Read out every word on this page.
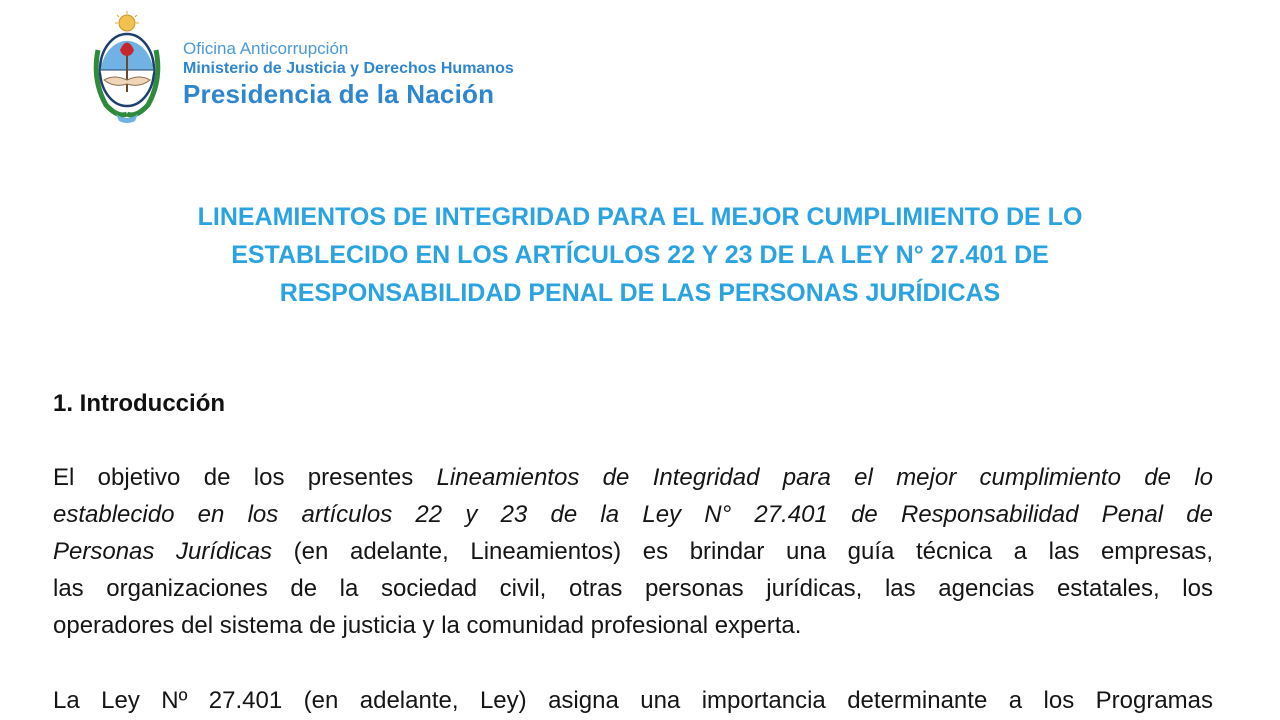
Oficina Anticorrupción
Ministerio de Justicia y Derechos Humanos
Presidencia de la Nación
LINEAMIENTOS DE INTEGRIDAD PARA EL MEJOR CUMPLIMIENTO DE LO
ESTABLECIDO EN LOS ARTÍCULOS 22 Y 23 DE LA LEY N° 27.401 DE
RESPONSABILIDAD PENAL DE LAS PERSONAS JURÍDICAS
1. Introducción
El objetivo de los presentes Lineamientos de Integridad para el mejor cumplimiento de lo
establecido en los artículos 22 y 23 de la Ley N° 27.401 de Responsabilidad Penal de
Personas Jurídicas (en adelante, Lineamientos) es brindar una guía técnica a las empresas,
las organizaciones de la sociedad civil, otras personas jurídicas, las agencias estatales, los
operadores del sistema de justicia y la comunidad profesional experta.
La Ley Nº 27.401 (en adelante, Ley) asigna una importancia determinante a los Programas
